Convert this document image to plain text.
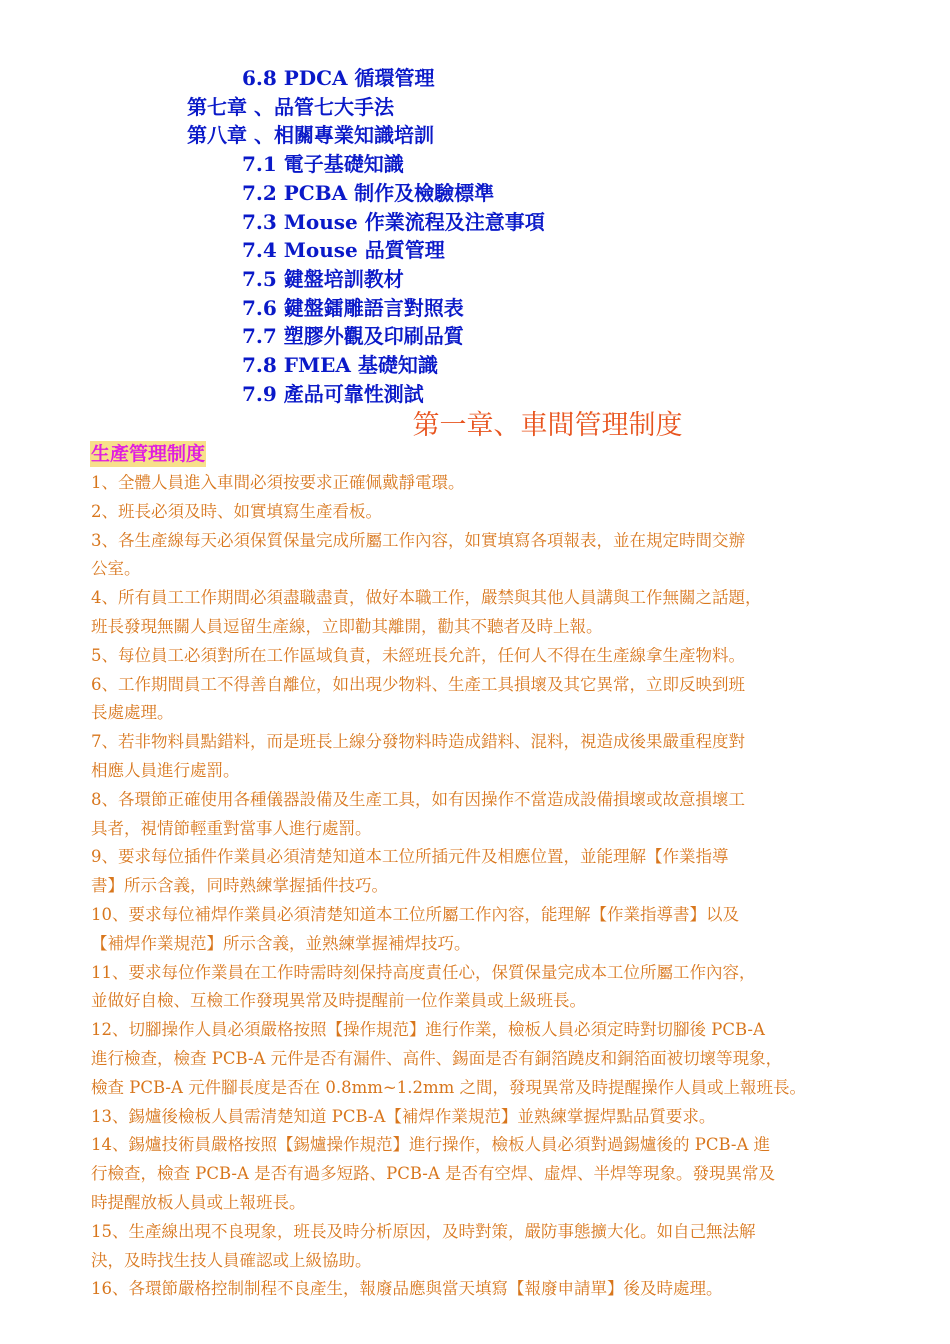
6.8 PDCA 循環管理
第七章 、品管七大手法
第八章 、相關專業知識培訓
7.1 電子基礎知識
7.2 PCBA 制作及檢驗標準
7.3 Mouse 作業流程及注意事項
7.4 Mouse 品質管理
7.5 鍵盤培訓教材
7.6 鍵盤鐳雕語言對照表
7.7 塑膠外觀及印刷品質
7.8 FMEA 基礎知識
7.9 產品可靠性測試
第一章、車間管理制度
生產管理制度

1、全體人員進入車間必須按要求正確佩戴靜電環。

2、班長必須及時、如實填寫生產看板。

3、各生產線每天必須保質保量完成所屬工作內容，如實填寫各項報表，並在規定時間交辦

公室。

4、所有員工工作期間必須盡職盡責，做好本職工作，嚴禁與其他人員講與工作無關之話題，

班長發現無關人員逗留生產線，立即勸其離開，勸其不聽者及時上報。

5、每位員工必須對所在工作區域負責，未經班長允許，任何人不得在生產線拿生產物料。

6、工作期間員工不得善自離位，如出現少物料、生產工具損壞及其它異常，立即反映到班

長處處理。

7、若非物料員點錯料，而是班長上線分發物料時造成錯料、混料，視造成後果嚴重程度對

相應人員進行處罰。

8、各環節正確使用各種儀器設備及生產工具，如有因操作不當造成設備損壞或故意損壞工

具者，視情節輕重對當事人進行處罰。

9、要求每位插件作業員必須清楚知道本工位所插元件及相應位置，並能理解【作業指導

書】所示含義，同時熟練掌握插件技巧。

10、要求每位補焊作業員必須清楚知道本工位所屬工作內容，能理解【作業指導書】以及

【補焊作業規范】所示含義，並熟練掌握補焊技巧。

11、要求每位作業員在工作時需時刻保持高度責任心，保質保量完成本工位所屬工作內容，

並做好自檢、互檢工作發現異常及時提醒前一位作業員或上級班長。

12、切腳操作人員必須嚴格按照【操作規范】進行作業，檢板人員必須定時對切腳後 PCB-A

進行檢查，檢查 PCB-A 元件是否有漏件、高件、錫面是否有銅箔蹺皮和銅箔面被切壞等現象，

檢查 PCB-A 元件腳長度是否在 0.8mm~1.2mm 之間，發現異常及時提醒操作人員或上報班長。

13、錫爐後檢板人員需清楚知道 PCB-A【補焊作業規范】並熟練掌握焊點品質要求。

14、錫爐技術員嚴格按照【錫爐操作規范】進行操作，檢板人員必須對過錫爐後的 PCB-A 進

行檢查，檢查 PCB-A 是否有過多短路、PCB-A 是否有空焊、虛焊、半焊等現象。發現異常及

時提醒放板人員或上報班長。

15、生產線出現不良現象，班長及時分析原因，及時對策，嚴防事態擴大化。如自己無法解

決，及時找生技人員確認或上級協助。

16、各環節嚴格控制制程不良產生，報廢品應與當天填寫【報廢申請單】後及時處理。
